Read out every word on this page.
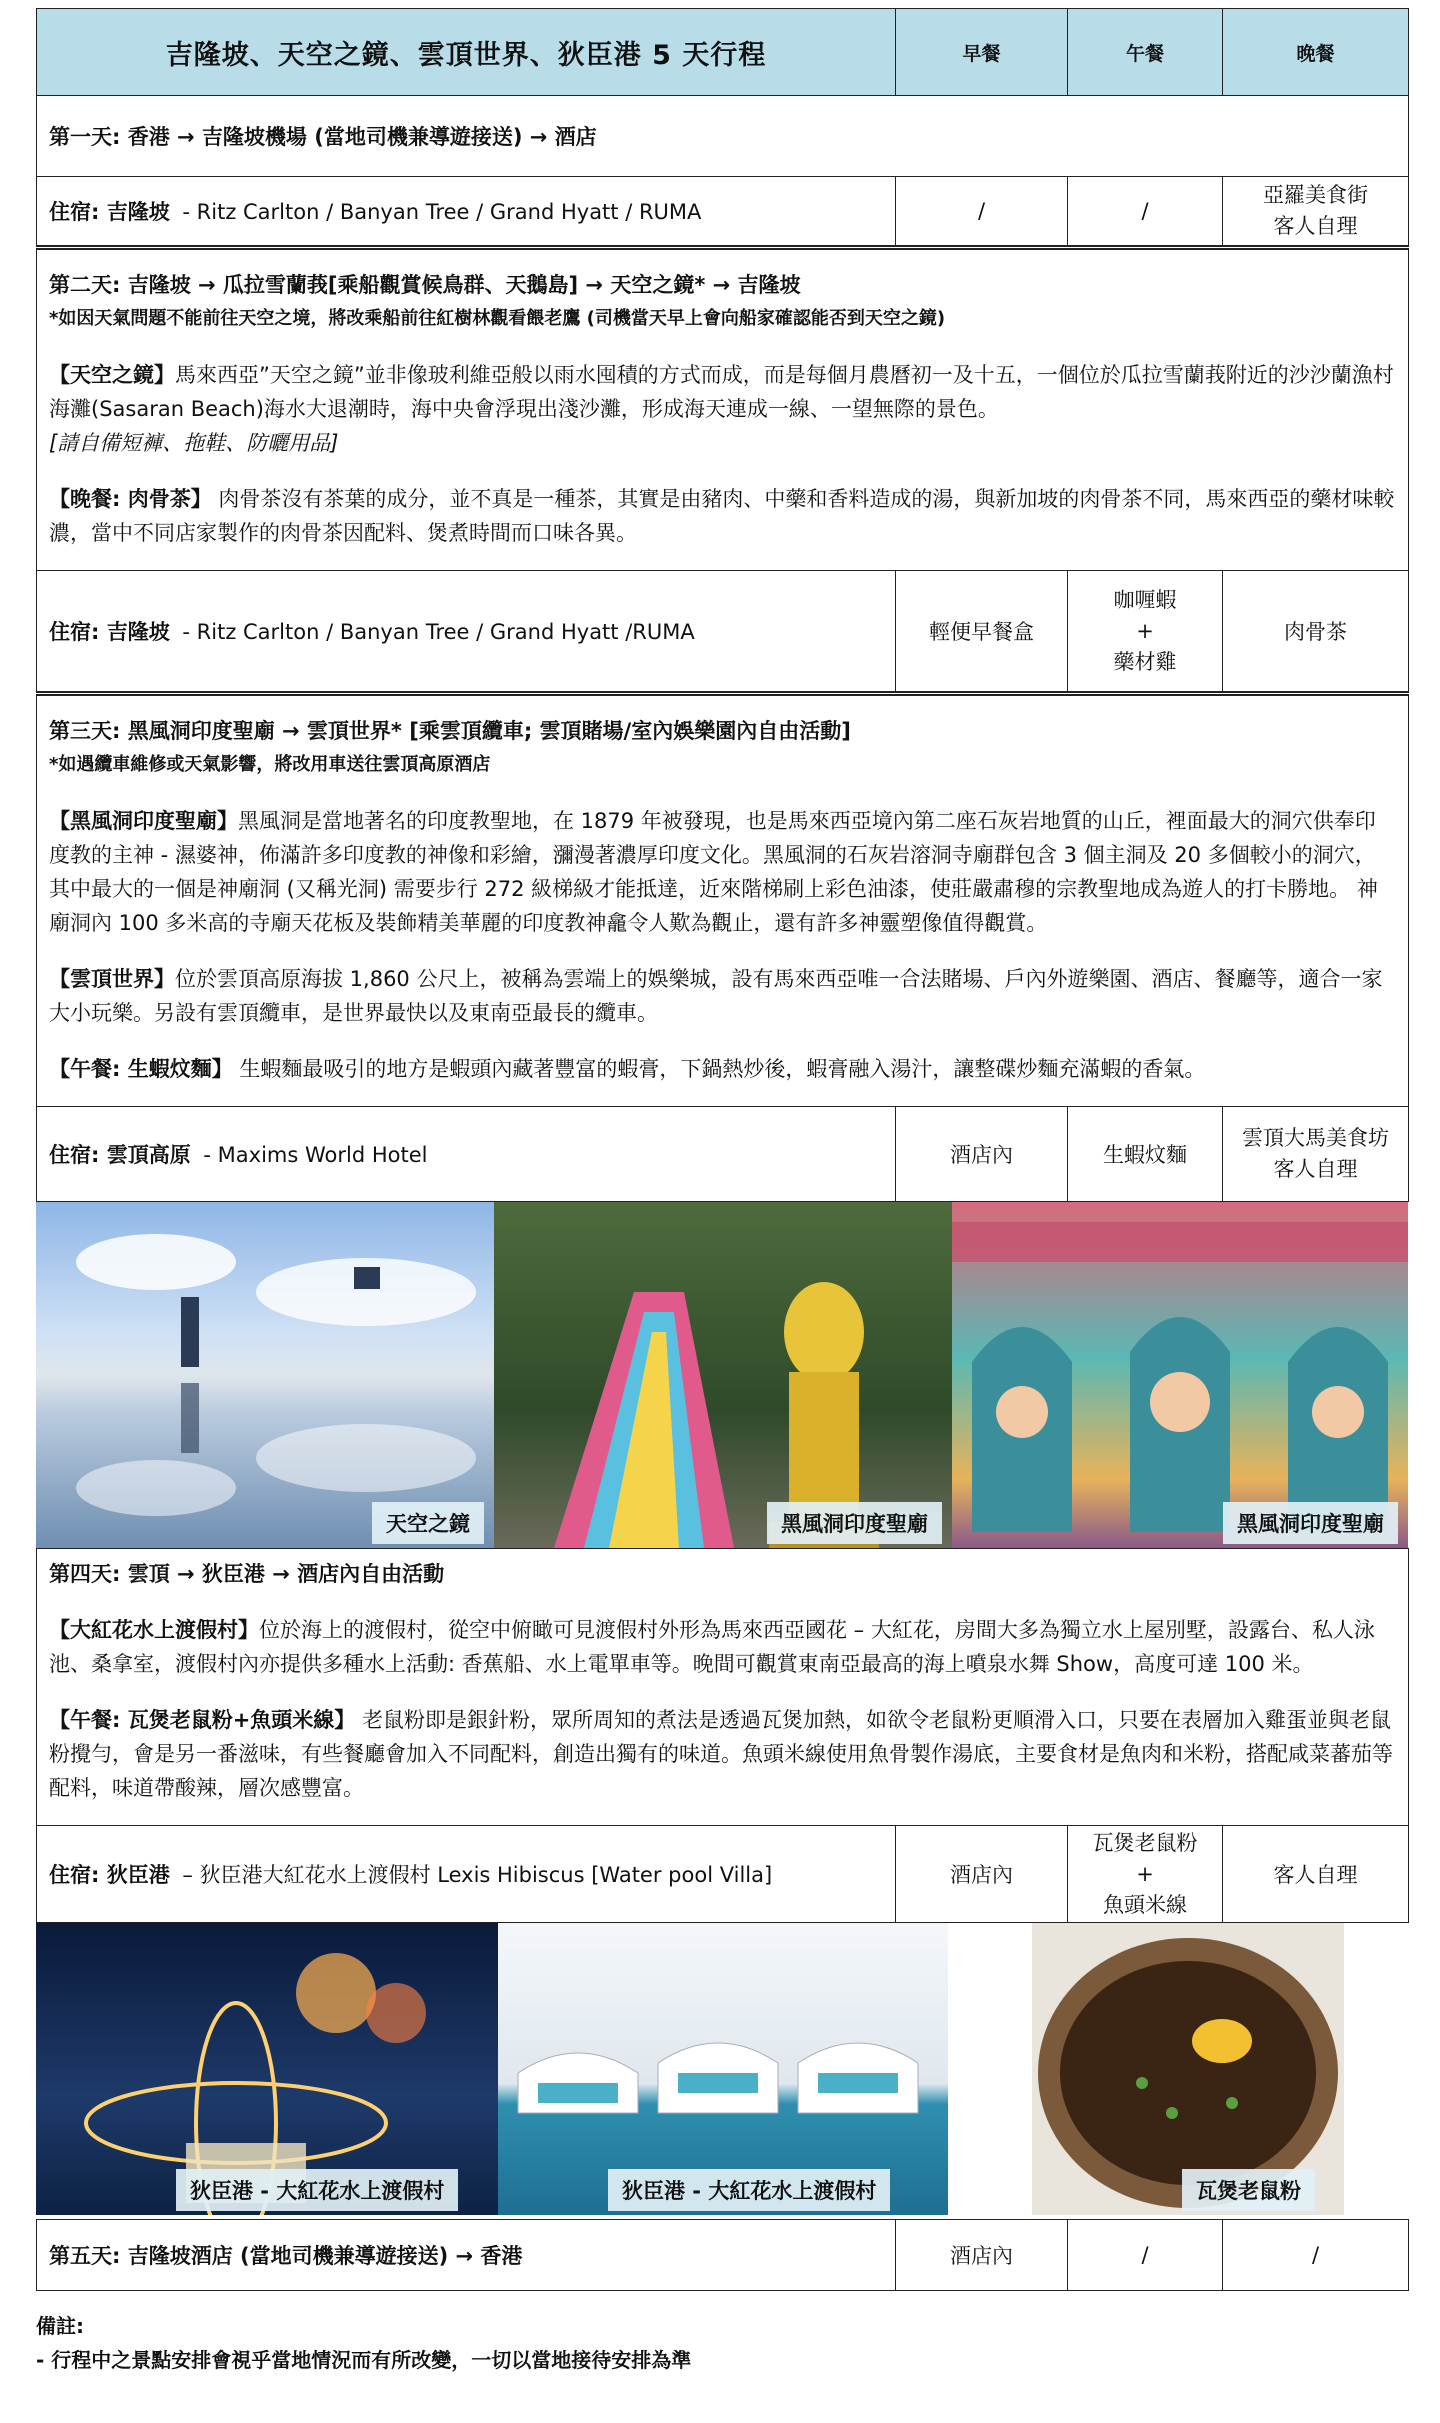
吉隆坡、天空之鏡、雲頂世界、狄臣港 5 天行程	早餐	午餐	晚餐
第一天: 香港 → 吉隆坡機場 (當地司機兼導遊接送) → 酒店			
住宿: 吉隆坡 - Ritz Carlton / Banyan Tree / Grand Hyatt / RUMA	/	/	亞羅美食街
客人自理

第二天: 吉隆坡 → 瓜拉雪蘭莪[乘船觀賞候鳥群、天鵝島] → 天空之鏡* → 吉隆坡

*如因天氣問題不能前往天空之境，將改乘船前往紅樹林觀看餵老鷹 (司機當天早上會向船家確認能否到天空之鏡)

【天空之鏡】馬來西亞”天空之鏡”並非像玻利維亞般以雨水囤積的方式而成，而是每個月農曆初一及十五，一個位於瓜拉雪蘭莪附近的沙沙蘭漁村海灘(Sasaran Beach)海水大退潮時，海中央會浮現出淺沙灘，形成海天連成一線、一望無際的景色。

[請自備短褲、拖鞋、防曬用品]

【晚餐: 肉骨茶】 肉骨茶沒有茶葉的成分，並不真是一種茶，其實是由豬肉、中藥和香料造成的湯，與新加坡的肉骨茶不同，馬來西亞的藥材味較濃，當中不同店家製作的肉骨茶因配料、煲煮時間而口味各異。			

住宿: 吉隆坡 - Ritz Carlton / Banyan Tree / Grand Hyatt /RUMA	輕便早餐盒	咖喱蝦
+
藥材雞	肉骨茶

第三天: 黑風洞印度聖廟 → 雲頂世界* [乘雲頂纜車; 雲頂賭場/室內娛樂園內自由活動]

*如遇纜車維修或天氣影響，將改用車送往雲頂高原酒店

【黑風洞印度聖廟】黑風洞是當地著名的印度教聖地，在 1879 年被發現，也是馬來西亞境內第二座石灰岩地質的山丘，裡面最大的洞穴供奉印度教的主神 - 濕婆神，佈滿許多印度教的神像和彩繪，瀰漫著濃厚印度文化。黑風洞的石灰岩溶洞寺廟群包含 3 個主洞及 20 多個較小的洞穴，其中最大的一個是神廟洞 (又稱光洞) 需要步行 272 級梯級才能抵達，近來階梯刷上彩色油漆，使莊嚴肅穆的宗教聖地成為遊人的打卡勝地。 神廟洞內 100 多米高的寺廟天花板及裝飾精美華麗的印度教神龕令人歎為觀止，還有許多神靈塑像值得觀賞。

【雲頂世界】位於雲頂高原海拔 1,860 公尺上，被稱為雲端上的娛樂城，設有馬來西亞唯一合法賭場、戶內外遊樂園、酒店、餐廳等，適合一家大小玩樂。另設有雲頂纜車，是世界最快以及東南亞最長的纜車。

【午餐: 生蝦炆麵】 生蝦麵最吸引的地方是蝦頭內藏著豐富的蝦膏，下鍋熱炒後，蝦膏融入湯汁，讓整碟炒麵充滿蝦的香氣。			

住宿: 雲頂高原 - Maxims World Hotel	酒店內	生蝦炆麵	雲頂大馬美食坊
客人自理
天空之鏡	黑風洞印度聖廟	黑風洞印度聖廟

第四天: 雲頂 → 狄臣港 → 酒店內自由活動

【大紅花水上渡假村】位於海上的渡假村，從空中俯瞰可見渡假村外形為馬來西亞國花 – 大紅花，房間大多為獨立水上屋別墅，設露台、私人泳池、桑拿室，渡假村內亦提供多種水上活動: 香蕉船、水上電單車等。晚間可觀賞東南亞最高的海上噴泉水舞 Show，高度可達 100 米。

【午餐: 瓦煲老鼠粉+魚頭米線】 老鼠粉即是銀針粉，眾所周知的煮法是透過瓦煲加熱，如欲令老鼠粉更順滑入口，只要在表層加入雞蛋並與老鼠粉攪勻，會是另一番滋味，有些餐廳會加入不同配料，創造出獨有的味道。魚頭米線使用魚骨製作湯底，主要食材是魚肉和米粉，搭配咸菜蕃茄等配料，味道帶酸辣，層次感豐富。

住宿: 狄臣港 – 狄臣港大紅花水上渡假村 Lexis Hibiscus [Water pool Villa]	酒店內	
瓦煲老鼠粉
+
魚頭米線
	客人自理
狄臣港 - 大紅花水上渡假村	狄臣港 - 大紅花水上渡假村	瓦煲老鼠粉
第五天: 吉隆坡酒店 (當地司機兼導遊接送) → 香港	酒店內	/	/
備註:
- 行程中之景點安排會視乎當地情況而有所改變，一切以當地接待安排為準
